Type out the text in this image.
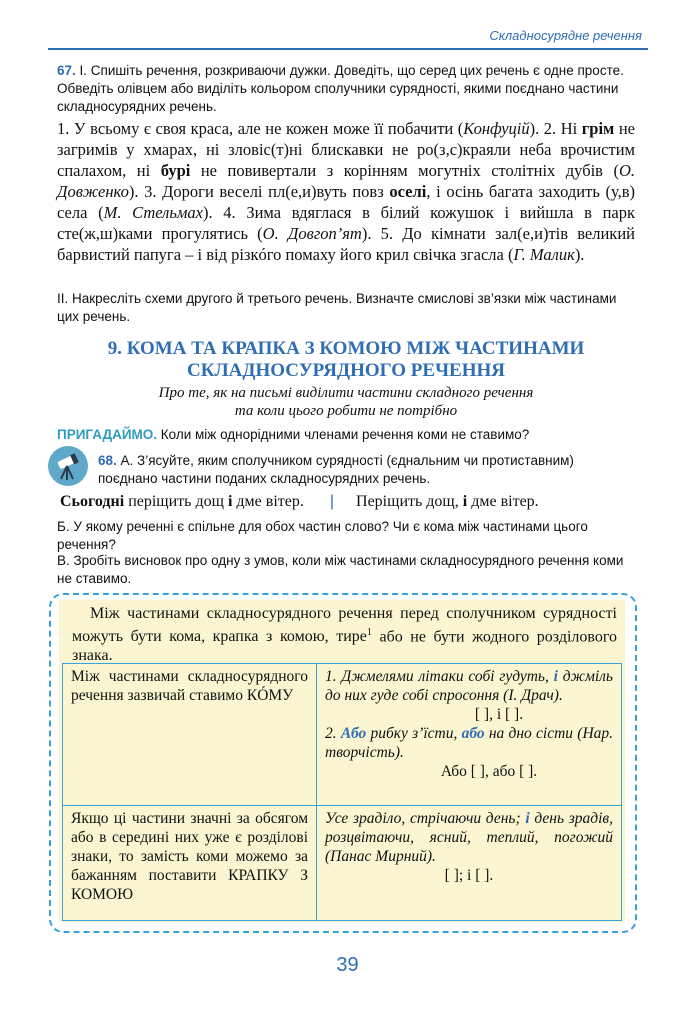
Складносурядне речення
67. І. Спишіть речення, розкриваючи дужки. Доведіть, що серед цих речень є одне просте. Обведіть олівцем або виділіть кольором сполучники сурядності, якими поєднано частини складносурядних речень.
1. У всьому є своя краса, але не кожен може її побачити (Конфуцій). 2. Ні грім не загримів у хмарах, ні зловіс(т)ні блискавки не ро(з,с)краяли неба врочистим спалахом, ні бурі не повивертали з корінням могутніх столітніх дубів (О. Довженко). 3. Дороги веселі пл(е,и)вуть повз оселі, і осінь багата заходить (у,в) села (М. Стельмах). 4. Зима вдяглася в білий кожушок і вийшла в парк сте(ж,ш)ками прогулятись (О. Довгоп’ят). 5. До кімнати зал(е,и)тів великий барвистий папуга – і від різкóго помаху його крил свічка згасла (Г. Малик).
ІІ. Накресліть схеми другого й третього речень. Визначте смислові зв’язки між частинами цих речень.
9. КОМА ТА КРАПКА З КОМОЮ МІЖ ЧАСТИНАМИ
СКЛАДНОСУРЯДНОГО РЕЧЕННЯ
Про те, як на письмі виділити частини складного речення
та коли цього робити не потрібно
ПРИГАДАЙМО. Коли між однорідними членами речення коми не ставимо?
68. А. З’ясуйте, яким сполучником сурядності (єднальним чи протиставним) поєднано частини поданих складносурядних речень.
Сьогодні періщить дощ і дме вітер. | Періщить дощ, і дме вітер.
Б. У якому реченні є спільне для обох частин слово? Чи є кома між частинами цього речення?
В. Зробіть висновок про одну з умов, коли між частинами складносурядного речення коми не ставимо.
Між частинами складносурядного речення перед сполучником сурядності можуть бути кома, крапка з комою, тире$^1$ або не бути жодного розділового знака.
Між частинами складносурядного речення зазвичай ставимо КÓМУ	1. Джмелями літаки собі гудуть, і джміль до них гуде собі спросоння (І. Драч).
[ ], і [ ].
2. Або рибку з’їсти, або на дно сісти (Нар. творчість).
Або [ ], або [ ].

Якщо ці частини значні за обсягом або в середині них уже є розділові знаки, то замість коми можемо за бажанням поставити КРАПКУ З КОМОЮ	Усе зраділо, стрічаючи день; і день зрадів, розцвітаючи, ясний, теплий, погожий (Панас Мирний).
[ ]; і [ ].
39
